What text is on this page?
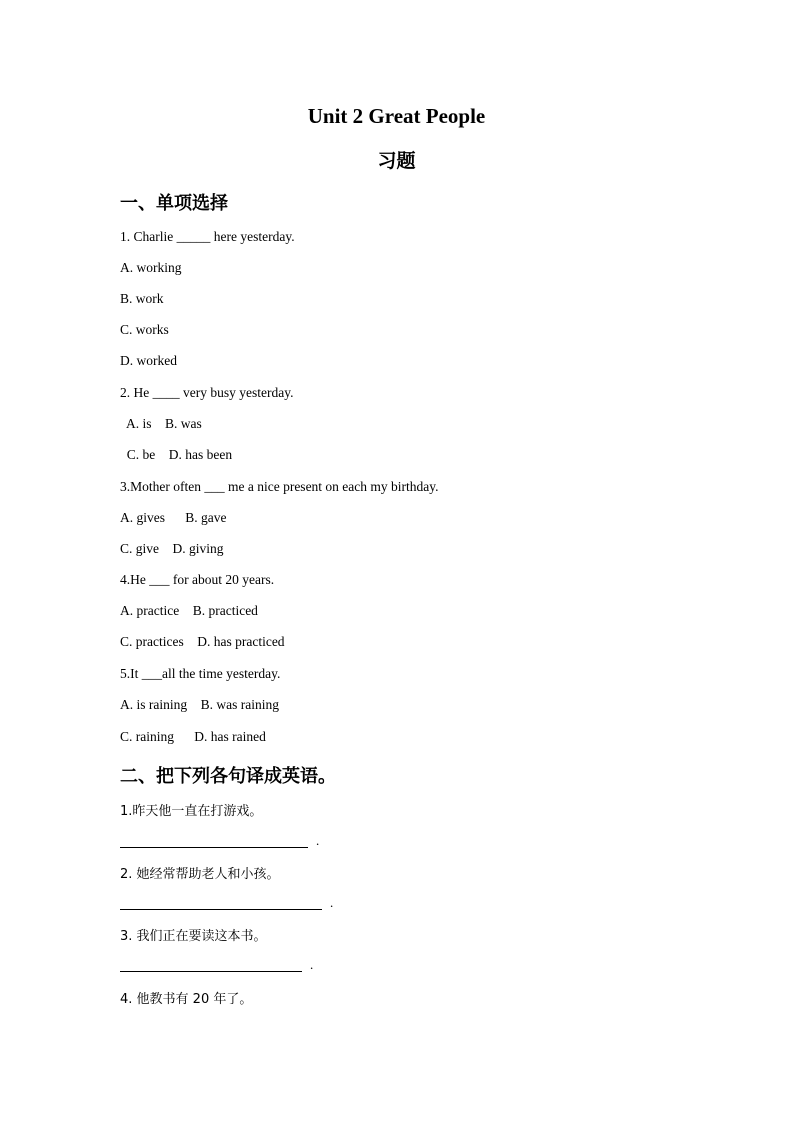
Unit 2 Great People
习题
一、单项选择
1. Charlie _____ here yesterday.
A. working
B. work
C. works
D. worked
2. He ____ very busy yesterday.
A. is    B. was
C. be    D. has been
3.Mother often ___ me a nice present on each my birthday.
A. gives      B. gave
C. give    D. giving
4.He ___ for about 20 years.
A. practice    B. practiced
C. practices    D. has practiced
5.It ___all the time yesterday.
A. is raining    B. was raining
C. raining      D. has rained
二、把下列各句译成英语。
1.昨天他一直在打游戏。
.
2. 她经常帮助老人和小孩。
.
3. 我们正在要读这本书。
.
4. 他教书有 20 年了。
